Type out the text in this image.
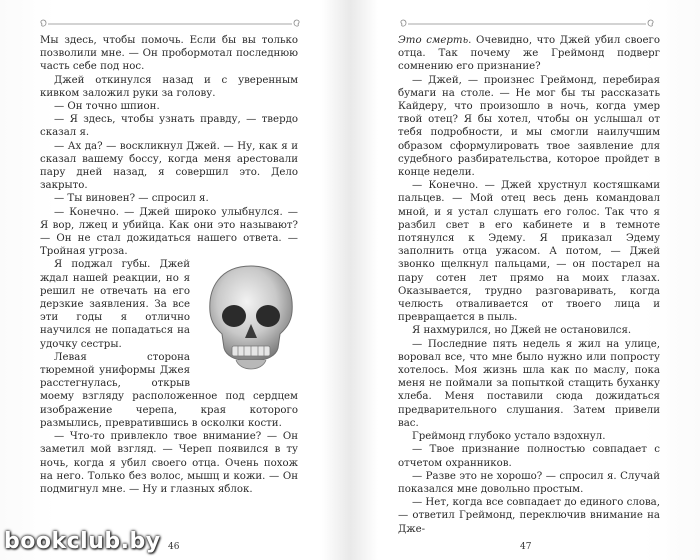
Мы здесь, чтобы помочь. Если бы вы только позволили мне. — Он пробормотал последнюю часть себе под нос.

Джей откинулся назад и с уверенным кивком заложил руки за голову.

— Он точно шпион.

— Я здесь, чтобы узнать правду, — твердо сказал я.

— Ах да? — воскликнул Джей. — Ну, как я и сказал вашему боссу, когда меня арестовали пару дней назад, я совершил это. Дело закрыто.

— Ты виновен? — спросил я.

— Конечно. — Джей широко улыбнулся. — Я вор, лжец и убийца. Как они это называют? — Он не стал дожидаться нашего ответа. — Тройная угроза.

Я поджал губы. Джей ждал нашей реакции, но я решил не отвечать на его дерзкие заявления. За все эти годы я отлично научился не попадаться на удочку сестры.

Левая сторона тюремной униформы Джея расстегнулась, открыв моему взгляду расположенное под сердцем изображение черепа, края которого размылись, превратившись в осколки кости.

— Что-то привлекло твое внимание? — Он заметил мой взгляд. — Череп появился в ту ночь, когда я убил своего отца. Очень похож на него. Только без волос, мышц и кожи. — Он подмигнул мне. — Ну и глазных яблок.

46

Это смерть. Очевидно, что Джей убил своего отца. Так почему же Греймонд подверг сомнению его признание?

— Джей, — произнес Греймонд, перебирая бумаги на столе. — Не мог бы ты рассказать Кайдеру, что произошло в ночь, когда умер твой отец? Я бы хотел, чтобы он услышал от тебя подробности, и мы смогли наилучшим образом сформулировать твое заявление для судебного разбирательства, которое пройдет в конце недели.

— Конечно. — Джей хрустнул костяшками пальцев. — Мой отец весь день командовал мной, и я устал слушать его голос. Так что я разбил свет в его кабинете и в темноте потянулся к Эдему. Я приказал Эдему заполнить отца ужасом. А потом, — Джей звонко щелкнул пальцами, — он постарел на пару сотен лет прямо на моих глазах. Оказывается, трудно разговаривать, когда челюсть отваливается от твоего лица и превращается в пыль.

Я нахмурился, но Джей не остановился.

— Последние пять недель я жил на улице, воровал все, что мне было нужно или попросту хотелось. Моя жизнь шла как по маслу, пока меня не поймали за попыткой стащить буханку хлеба. Меня поставили сюда дожидаться предварительного слушания. Затем привели вас.

Греймонд глубоко устало вздохнул.

— Твое признание полностью совпадает с отчетом охранников.

— Разве это не хорошо? — спросил я. Случай показался мне довольно простым.

— Нет, когда все совпадает до единого слова, — ответил Греймонд, переключив внимание на Дже-

47
bookclub.by
